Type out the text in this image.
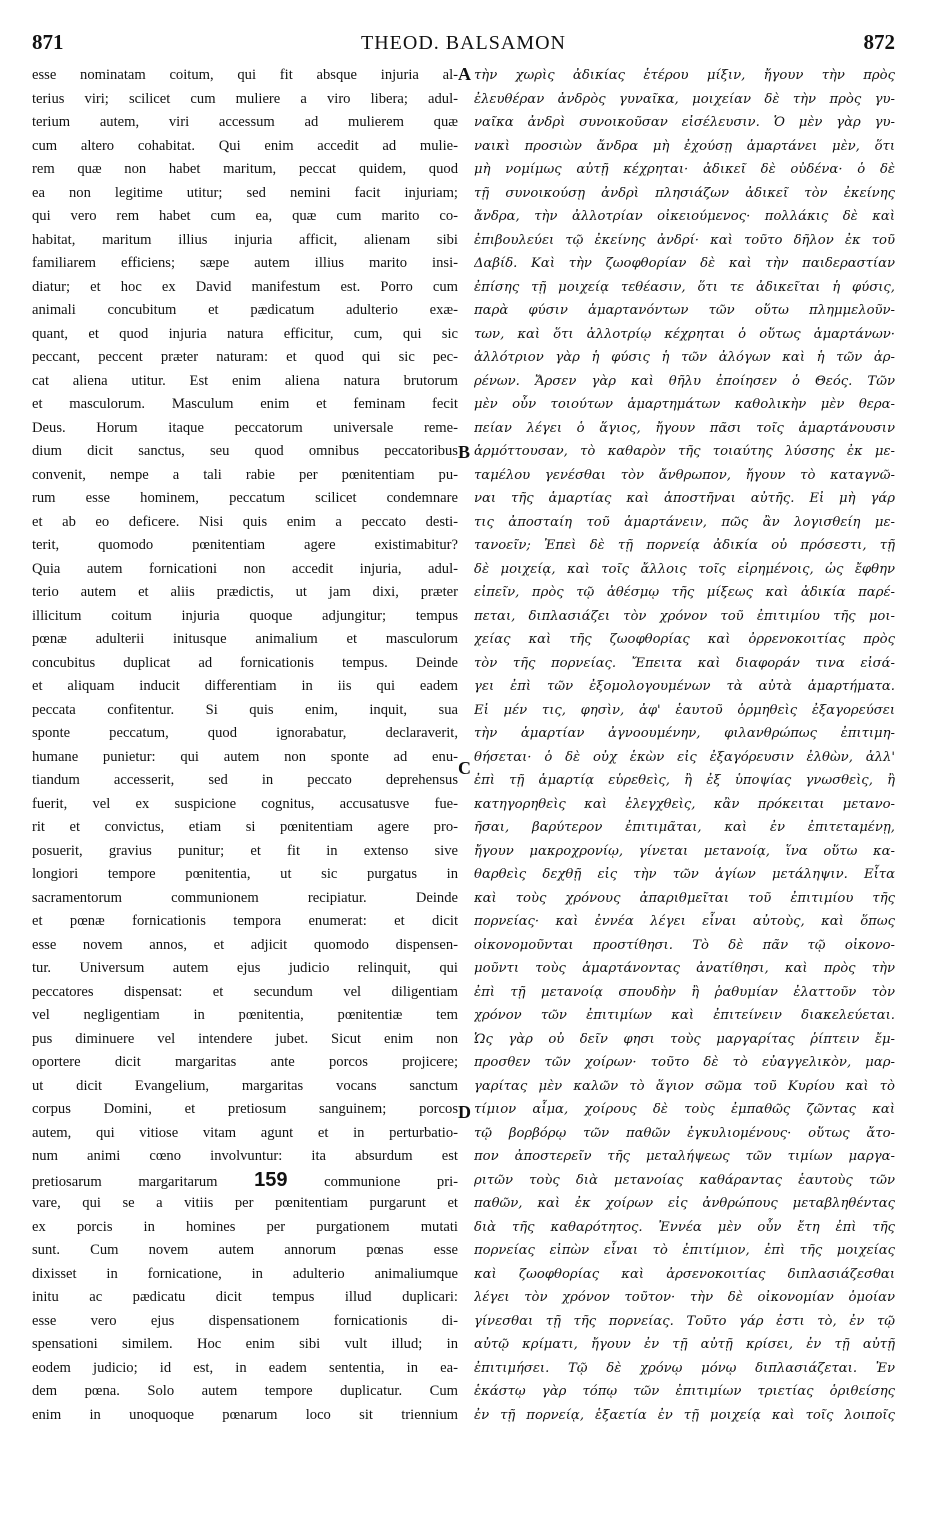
871	THEOD. BALSAMON	872
esse nominatam coitum, qui fit absque injuria al-
terius viri; scilicet cum muliere a viro libera; adul-
terium autem, viri accessum ad mulierem quæ
cum altero cohabitat. Qui enim accedit ad mulie-
rem quæ non habet maritum, peccat quidem, quod
ea non legitime utitur; sed nemini facit injuriam;
qui vero rem habet cum ea, quæ cum marito co-
habitat, maritum illius injuria afficit, alienam sibi
familiarem efficiens; sæpe autem illius marito insi-
diatur; et hoc ex David manifestum est. Porro cum
animali concubitum et pædicatum adulterio exæ-
quant, et quod injuria natura efficitur, cum, qui sic
peccant, peccent præter naturam: et quod qui sic pec-
cat aliena utitur. Est enim aliena natura brutorum
et masculorum. Masculum enim et feminam fecit
Deus. Horum itaque peccatorum universale reme-
dium dicit sanctus, seu quod omnibus peccatoribus
convenit, nempe a tali rabie per pœnitentiam pu-
rum esse hominem, peccatum scilicet condemnare
et ab eo deficere. Nisi quis enim a peccato desti-
terit, quomodo pœnitentiam agere existimabitur?
Quia autem fornicationi non accedit injuria, adul-
terio autem et aliis prædictis, ut jam dixi, præter
illicitum coitum injuria quoque adjungitur; tempus
pœnæ adulterii initusque animalium et masculorum
concubitus duplicat ad fornicationis tempus. Deinde
et aliquam inducit differentiam in iis qui eadem
peccata confitentur. Si quis enim, inquit, sua
sponte peccatum, quod ignorabatur, declaraverit,
humane punietur: qui autem non sponte ad enu-
tiandum accesserit, sed in peccato deprehensus
fuerit, vel ex suspicione cognitus, accusatusve fue-
rit et convictus, etiam si pœnitentiam agere pro-
posuerit, gravius punitur; et fit in extenso sive
longiori tempore pœnitentia, ut sic purgatus in
sacramentorum communionem recipiatur. Deinde
et pœnæ fornicationis tempora enumerat: et dicit
esse novem annos, et adjicit quomodo dispensen-
tur. Universum autem ejus judicio relinquit, qui
peccatores dispensat: et secundum vel diligentiam
vel negligentiam in pœnitentia, pœnitentiæ tem
pus diminuere vel intendere jubet. Sicut enim non
oportere dicit margaritas ante porcos projicere;
ut dicit Evangelium, margaritas vocans sanctum
corpus Domini, et pretiosum sanguinem; porcos
autem, qui vitiose vitam agunt et in perturbatio-
num animi cœno involvuntur: ita absurdum est
pretiosarum margaritarum 159 communione pri-
vare, qui se a vitiis per pœnitentiam purgarunt et
ex porcis in homines per purgationem mutati
sunt. Cum novem autem annorum pœnas esse
dixisset in fornicatione, in adulterio animaliumque
initu ac pædicatu dicit tempus illud duplicari:
esse vero ejus dispensationem fornicationis di-
spensationi similem. Hoc enim sibi vult illud; in
eodem judicio; id est, in eadem sententia, in ea-
dem pœna. Solo autem tempore duplicatur. Cum
enim in unoquoque pœnarum loco sit triennium
τὴν χωρὶς ἀδικίας ἑτέρου μίξιν, ἤγουν τὴν πρὸς
ἐλευθέραν ἀνδρὸς γυναῖκα, μοιχείαν δὲ τὴν πρὸς γυ-
ναῖκα ἀνδρὶ συνοικοῦσαν εἰσέλευσιν. Ὁ μὲν γὰρ γυ-
ναικὶ προσιὼν ἄνδρα μὴ ἐχούσῃ ἁμαρτάνει μὲν, ὅτι
μὴ νομίμως αὐτῇ κέχρηται· ἀδικεῖ δὲ οὐδένα· ὁ δὲ
τῇ συνοικούσῃ ἀνδρὶ πλησιάζων ἀδικεῖ τὸν ἐκείνης
ἄνδρα, τὴν ἀλλοτρίαν οἰκειούμενος· πολλάκις δὲ καὶ
ἐπιβουλεύει τῷ ἐκείνης ἀνδρί· καὶ τοῦτο δῆλον ἐκ τοῦ
Δαβίδ. Καὶ τὴν ζωοφθορίαν δὲ καὶ τὴν παιδεραστίαν
ἐπίσης τῇ μοιχείᾳ τεθέασιν, ὅτι τε ἀδικεῖται ἡ φύσις,
παρὰ φύσιν ἁμαρτανόντων τῶν οὕτω πλημμελοῦν-
των, καὶ ὅτι ἀλλοτρίῳ κέχρηται ὁ οὕτως ἁμαρτάνων·
ἀλλότριον γὰρ ἡ φύσις ἡ τῶν ἀλόγων καὶ ἡ τῶν ἀρ-
ρένων. Ἄρσεν γὰρ καὶ θῆλυ ἐποίησεν ὁ Θεός. Τῶν
μὲν οὖν τοιούτων ἁμαρτημάτων καθολικὴν μὲν θερα-
πείαν λέγει ὁ ἅγιος, ἤγουν πᾶσι τοῖς ἁμαρτάνουσιν
ἁρμόττουσαν, τὸ καθαρὸν τῆς τοιαύτης λύσσης ἐκ με-
ταμέλου γενέσθαι τὸν ἄνθρωπον, ἤγουν τὸ καταγνῶ-
ναι τῆς ἁμαρτίας καὶ ἀποστῆναι αὐτῆς. Εἰ μὴ γάρ
τις ἀποσταίη τοῦ ἁμαρτάνειν, πῶς ἂν λογισθείη με-
τανοεῖν; Ἐπεὶ δὲ τῇ πορνείᾳ ἀδικία οὐ πρόσεστι, τῇ
δὲ μοιχείᾳ, καὶ τοῖς ἄλλοις τοῖς εἰρημένοις, ὡς ἔφθην
εἰπεῖν, πρὸς τῷ ἀθέσμῳ τῆς μίξεως καὶ ἀδικία παρέ-
πεται, διπλασιάζει τὸν χρόνον τοῦ ἐπιτιμίου τῆς μοι-
χείας καὶ τῆς ζωοφθορίας καὶ ὀρρενοκοιτίας πρὸς
τὸν τῆς πορνείας. Ἔπειτα καὶ διαφοράν τινα εἰσά-
γει ἐπὶ τῶν ἐξομολογουμένων τὰ αὐτὰ ἁμαρτήματα.
Εἰ μέν τις, φησὶν, ἀφ' ἑαυτοῦ ὁρμηθεὶς ἐξαγορεύσει
τὴν ἁμαρτίαν ἀγνοουμένην, φιλανθρώπως ἐπιτιμη-
θήσεται· ὁ δὲ οὐχ ἑκὼν εἰς ἐξαγόρευσιν ἐλθὼν, ἀλλ'
ἐπὶ τῇ ἁμαρτίᾳ εὑρεθεὶς, ἢ ἐξ ὑποψίας γνωσθεὶς, ἢ
κατηγορηθεὶς καὶ ἐλεγχθεὶς, κἂν πρόκειται μετανο-
ῆσαι, βαρύτερον ἐπιτιμᾶται, καὶ ἐν ἐπιτεταμένῃ,
ἤγουν μακροχρονίῳ, γίνεται μετανοίᾳ, ἵνα οὕτω κα-
θαρθεὶς δεχθῇ εἰς τὴν τῶν ἁγίων μετάληψιν. Εἶτα
καὶ τοὺς χρόνους ἀπαριθμεῖται τοῦ ἐπιτιμίου τῆς
πορνείας· καὶ ἐννέα λέγει εἶναι αὐτοὺς, καὶ ὅπως
οἰκονομοῦνται προστίθησι. Τὸ δὲ πᾶν τῷ οἰκονο-
μοῦντι τοὺς ἁμαρτάνοντας ἀνατίθησι, καὶ πρὸς τὴν
ἐπὶ τῇ μετανοίᾳ σπουδὴν ἢ ῥαθυμίαν ἐλαττοῦν τὸν
χρόνον τῶν ἐπιτιμίων καὶ ἐπιτείνειν διακελεύεται.
Ὡς γὰρ οὐ δεῖν φησι τοὺς μαργαρίτας ῥίπτειν ἔμ-
προσθεν τῶν χοίρων· τοῦτο δὲ τὸ εὐαγγελικὸν, μαρ-
γαρίτας μὲν καλῶν τὸ ἅγιον σῶμα τοῦ Κυρίου καὶ τὸ
τίμιον αἷμα, χοίρους δὲ τοὺς ἐμπαθῶς ζῶντας καὶ
τῷ βορβόρῳ τῶν παθῶν ἐγκυλιομένους· οὕτως ἄτο-
πον ἀποστερεῖν τῆς μεταλήψεως τῶν τιμίων μαργα-
ριτῶν τοὺς διὰ μετανοίας καθάραντας ἑαυτοὺς τῶν
παθῶν, καὶ ἐκ χοίρων εἰς ἀνθρώπους μεταβληθέντας
διὰ τῆς καθαρότητος. Ἐννέα μὲν οὖν ἔτη ἐπὶ τῆς
πορνείας εἰπὼν εἶναι τὸ ἐπιτίμιον, ἐπὶ τῆς μοιχείας
καὶ ζωοφθορίας καὶ ἀρσενοκοιτίας διπλασιάζεσθαι
λέγει τὸν χρόνον τοῦτον· τὴν δὲ οἰκονομίαν ὁμοίαν
γίνεσθαι τῇ τῆς πορνείας. Τοῦτο γάρ ἐστι τὸ, ἐν τῷ
αὐτῷ κρίματι, ἤγουν ἐν τῇ αὐτῇ κρίσει, ἐν τῇ αὐτῇ
ἐπιτιμήσει. Τῷ δὲ χρόνῳ μόνῳ διπλασιάζεται. Ἐν
ἑκάστῳ γὰρ τόπῳ τῶν ἐπιτιμίων τριετίας ὁριθείσης
ἐν τῇ πορνείᾳ, ἑξαετία ἐν τῇ μοιχείᾳ καὶ τοῖς λοιποῖς
A
B
C
D
